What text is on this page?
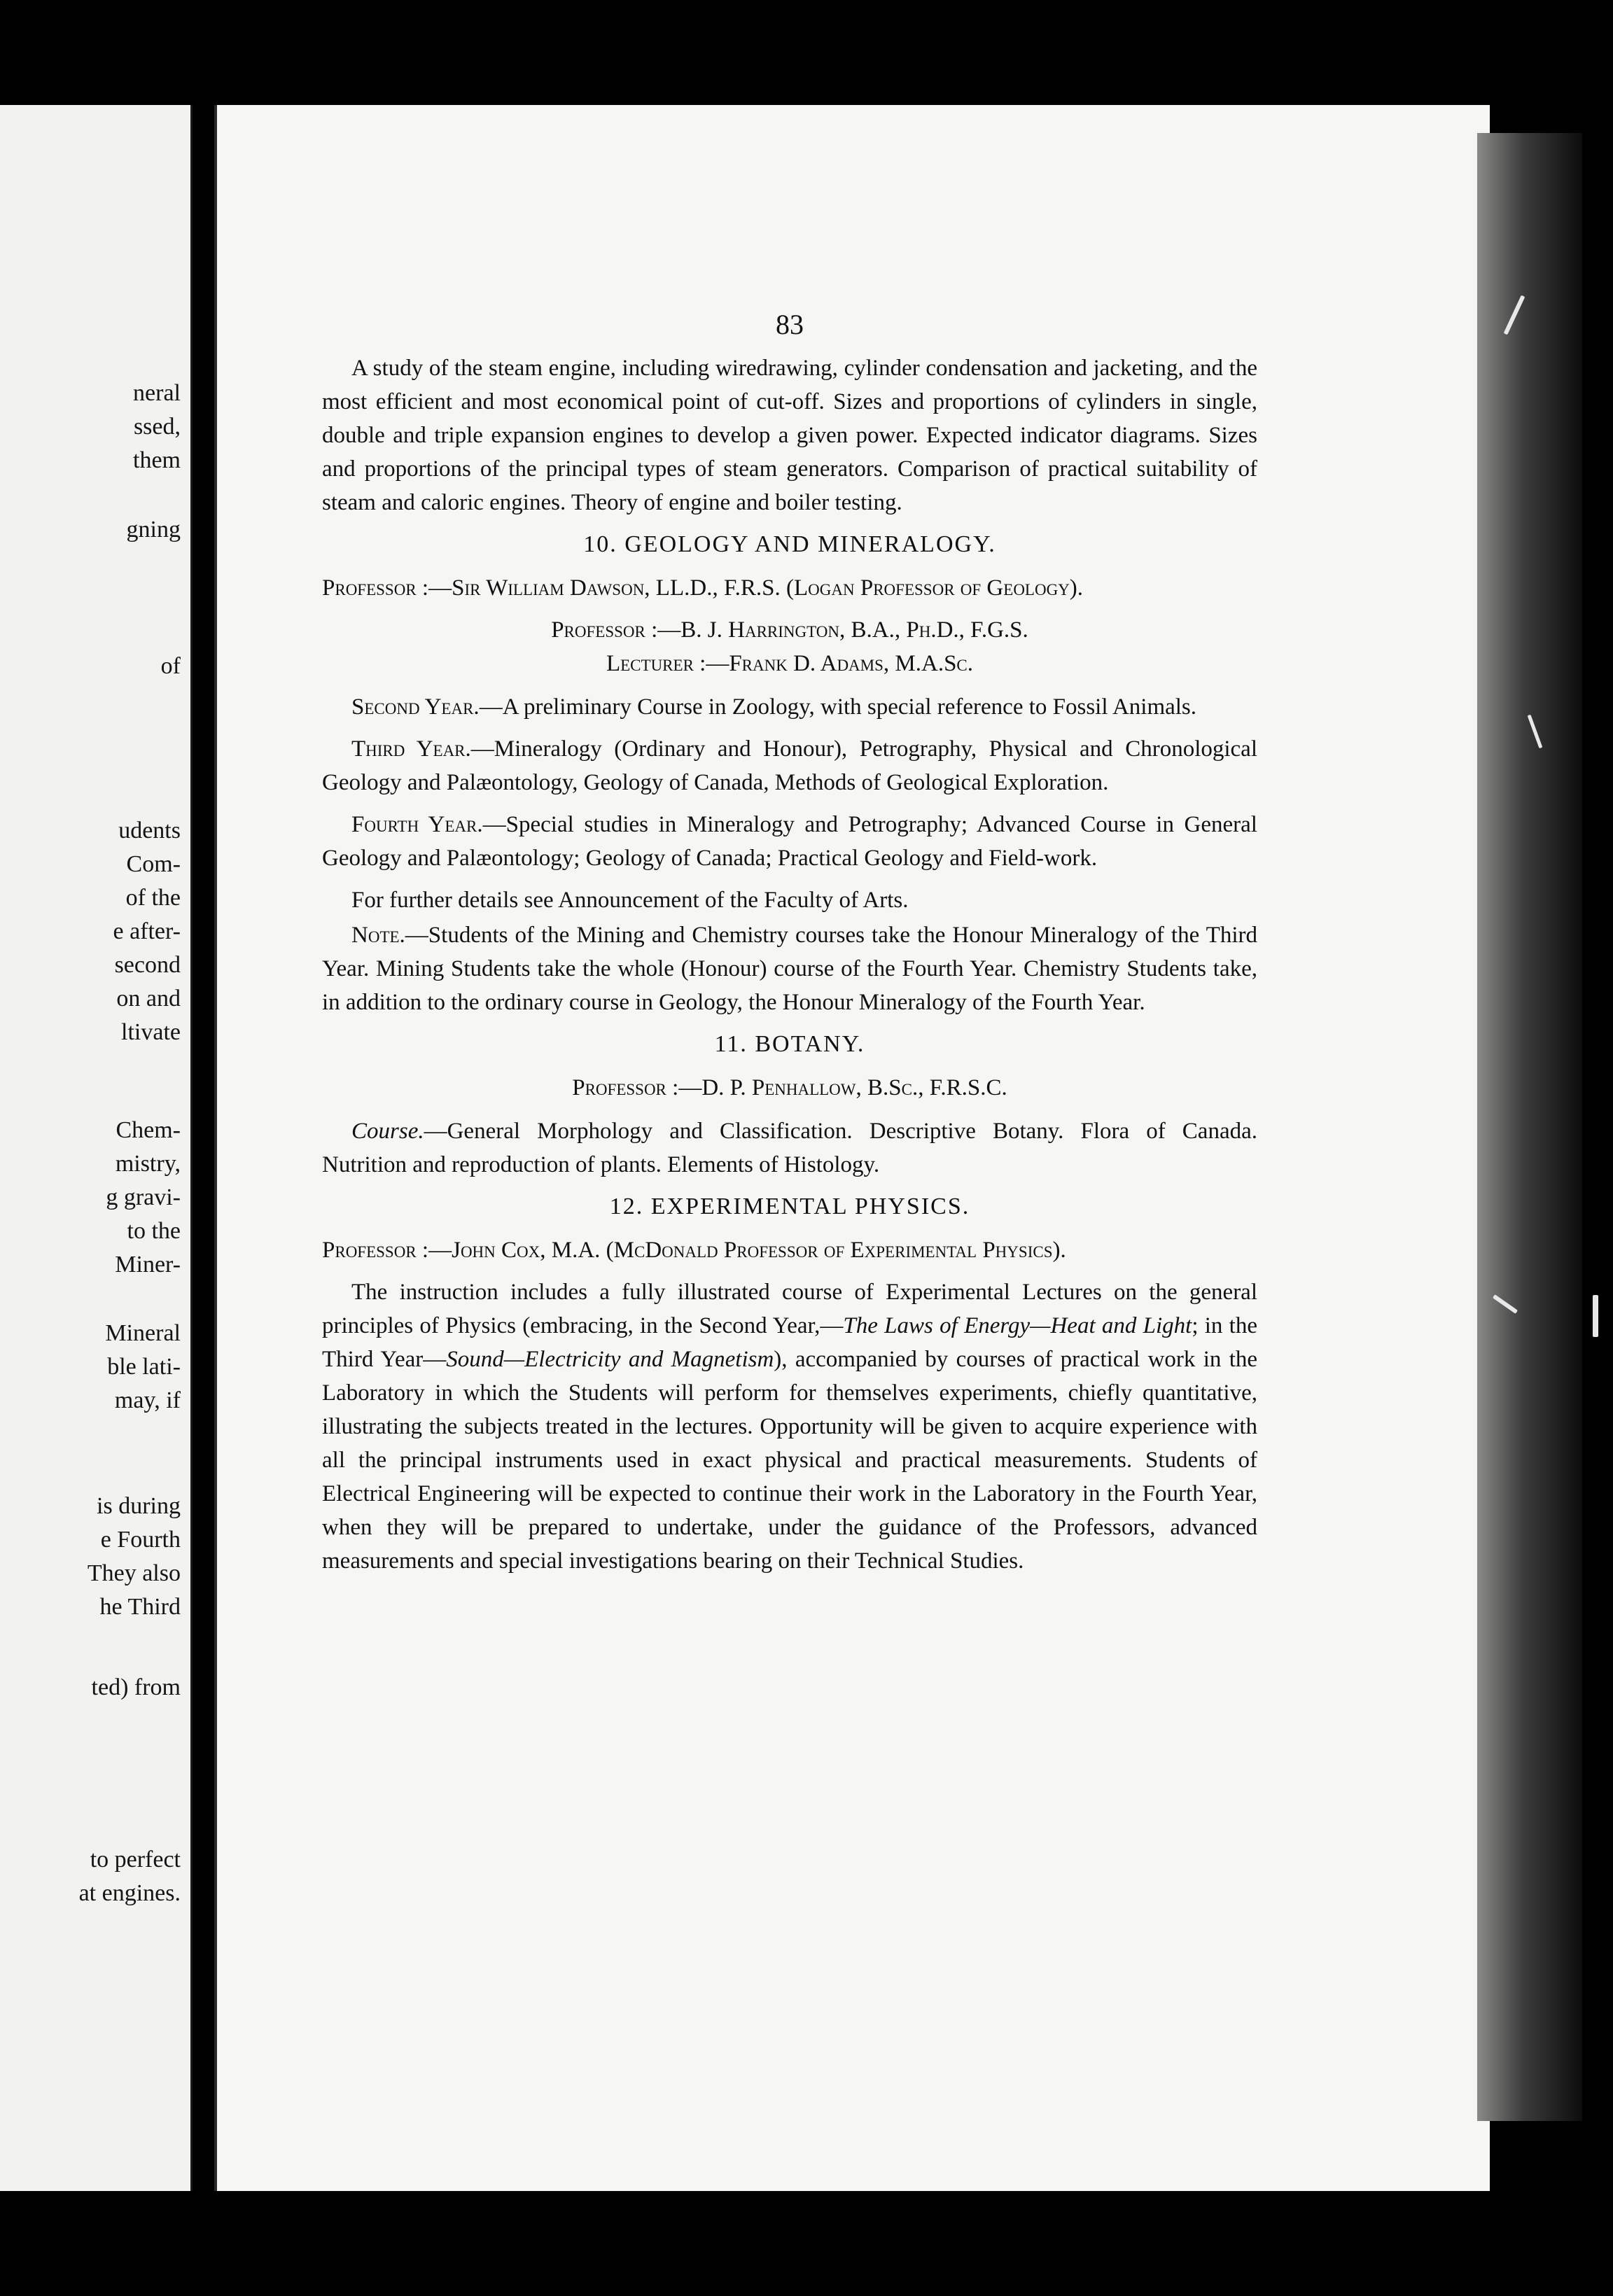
neral
ssed,
them
gning
of
udents
Com-
of the
e after-
second
on and
ltivate
Chem-
mistry,
g gravi-
to the
Miner-
Mineral
ble lati-
may, if
is during
e Fourth
They also
he Third
ted) from
to perfect
at engines.
83

A study of the steam engine, including wiredrawing, cylinder condensation and jacketing, and the most efficient and most economical point of cut-off. Sizes and proportions of cylinders in single, double and triple expansion engines to develop a given power. Expected indicator diagrams. Sizes and proportions of the principal types of steam generators. Comparison of practical suitability of steam and caloric engines. Theory of engine and boiler testing.

10. GEOLOGY AND MINERALOGY.

Professor :—Sir William Dawson, LL.D., F.R.S. (Logan Professor of Geology).

Professor :—B. J. Harrington, B.A., Ph.D., F.G.S.
Lecturer :—Frank D. Adams, M.A.Sc.

Second Year.—A preliminary Course in Zoology, with special reference to Fossil Animals.

Third Year.—Mineralogy (Ordinary and Honour), Petrography, Physical and Chronological Geology and Palæontology, Geology of Canada, Methods of Geological Exploration.

Fourth Year.—Special studies in Mineralogy and Petrography; Advanced Course in General Geology and Palæontology; Geology of Canada; Practical Geology and Field-work.

For further details see Announcement of the Faculty of Arts.

Note.—Students of the Mining and Chemistry courses take the Honour Mineralogy of the Third Year. Mining Students take the whole (Honour) course of the Fourth Year. Chemistry Students take, in addition to the ordinary course in Geology, the Honour Mineralogy of the Fourth Year.

11. BOTANY.
Professor :—D. P. Penhallow, B.Sc., F.R.S.C.

Course.—General Morphology and Classification. Descriptive Botany. Flora of Canada. Nutrition and reproduction of plants. Elements of Histology.

12. EXPERIMENTAL PHYSICS.

Professor :—John Cox, M.A. (McDonald Professor of Experimental Physics).

The instruction includes a fully illustrated course of Experimental Lectures on the general principles of Physics (embracing, in the Second Year,—The Laws of Energy—Heat and Light; in the Third Year—Sound—Electricity and Magnetism), accompanied by courses of practical work in the Laboratory in which the Students will perform for themselves experiments, chiefly quantitative, illustrating the subjects treated in the lectures. Opportunity will be given to acquire experience with all the principal instruments used in exact physical and practical measurements. Students of Electrical Engineering will be expected to continue their work in the Laboratory in the Fourth Year, when they will be prepared to undertake, under the guidance of the Professors, advanced measurements and special investigations bearing on their Technical Studies.
